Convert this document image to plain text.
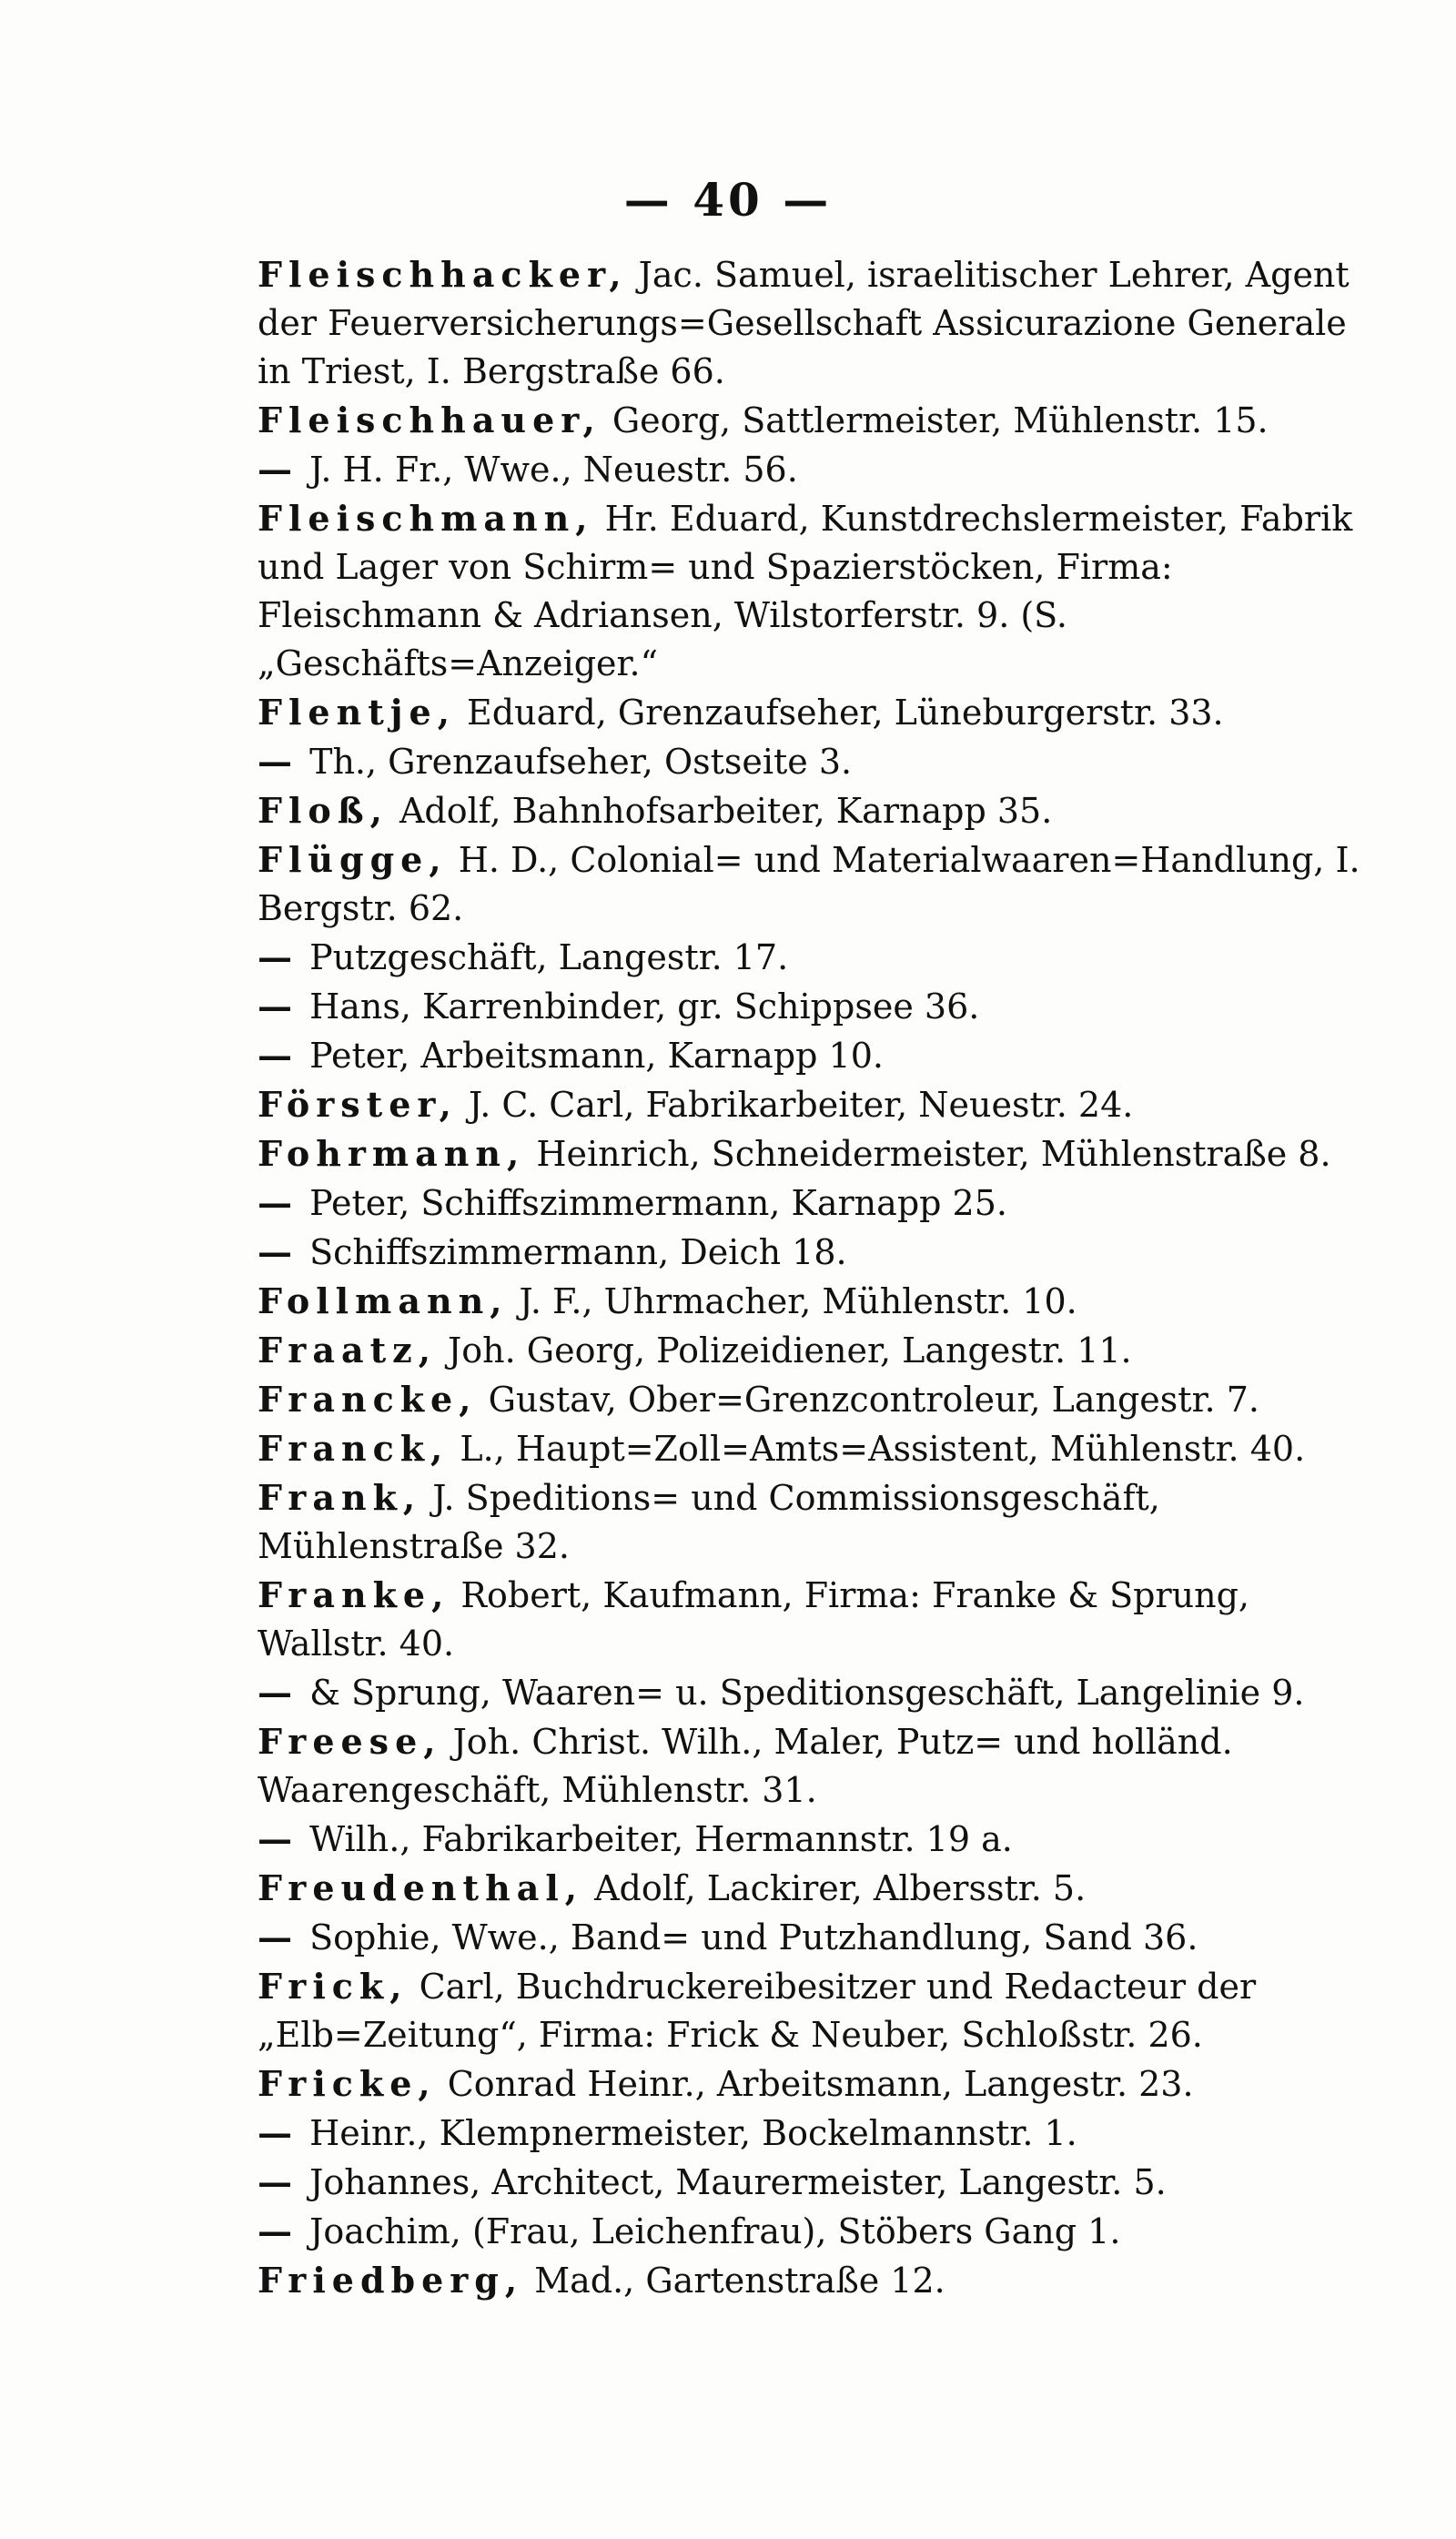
— 40 —

Fleischhacker, Jac. Samuel, israelitischer Lehrer, Agent der Feuerversicherungs=Gesellschaft Assicurazione Generale in Triest, I. Bergstraße 66.

Fleischhauer, Georg, Sattlermeister, Mühlenstr. 15.

— J. H. Fr., Wwe., Neuestr. 56.

Fleischmann, Hr. Eduard, Kunstdrechslermeister, Fabrik und Lager von Schirm= und Spazierstöcken, Firma: Fleischmann & Adriansen, Wilstorferstr. 9. (S. „Geschäfts=Anzeiger.“

Flentje, Eduard, Grenzaufseher, Lüneburgerstr. 33.

— Th., Grenzaufseher, Ostseite 3.

Floß, Adolf, Bahnhofsarbeiter, Karnapp 35.

Flügge, H. D., Colonial= und Materialwaaren=Handlung, I. Bergstr. 62.

— Putzgeschäft, Langestr. 17.

— Hans, Karrenbinder, gr. Schippsee 36.

— Peter, Arbeitsmann, Karnapp 10.

Förster, J. C. Carl, Fabrikarbeiter, Neuestr. 24.

Fohrmann, Heinrich, Schneidermeister, Mühlenstraße 8.

— Peter, Schiffszimmermann, Karnapp 25.

— Schiffszimmermann, Deich 18.

Follmann, J. F., Uhrmacher, Mühlenstr. 10.

Fraatz, Joh. Georg, Polizeidiener, Langestr. 11.

Francke, Gustav, Ober=Grenzcontroleur, Langestr. 7.

Franck, L., Haupt=Zoll=Amts=Assistent, Mühlenstr. 40.

Frank, J. Speditions= und Commissionsgeschäft, Mühlenstraße 32.

Franke, Robert, Kaufmann, Firma: Franke & Sprung, Wallstr. 40.

— & Sprung, Waaren= u. Speditionsgeschäft, Langelinie 9.

Freese, Joh. Christ. Wilh., Maler, Putz= und holländ. Waarengeschäft, Mühlenstr. 31.

— Wilh., Fabrikarbeiter, Hermannstr. 19 a.

Freudenthal, Adolf, Lackirer, Albersstr. 5.

— Sophie, Wwe., Band= und Putzhandlung, Sand 36.

Frick, Carl, Buchdruckereibesitzer und Redacteur der „Elb=Zeitung“, Firma: Frick & Neuber, Schloßstr. 26.

Fricke, Conrad Heinr., Arbeitsmann, Langestr. 23.

— Heinr., Klempnermeister, Bockelmannstr. 1.

— Johannes, Architect, Maurermeister, Langestr. 5.

— Joachim, (Frau, Leichenfrau), Stöbers Gang 1.

Friedberg, Mad., Gartenstraße 12.
